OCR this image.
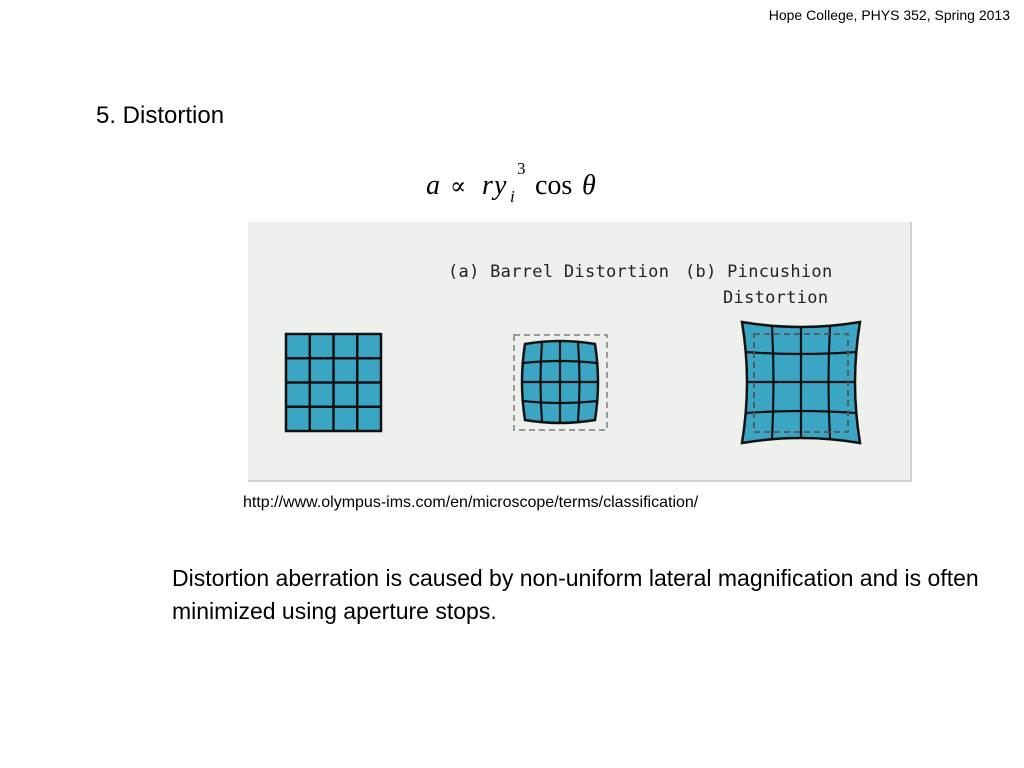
Hope College, PHYS 352, Spring 2013
5. Distortion
a ∝ r y i
3
cos θ
(a) Barrel Distortion (b) Pincushion
Distortion
http://www.olympus-ims.com/en/microscope/terms/classification/
Distortion aberration is caused by non-uniform lateral magnification and is often minimized using aperture stops.
